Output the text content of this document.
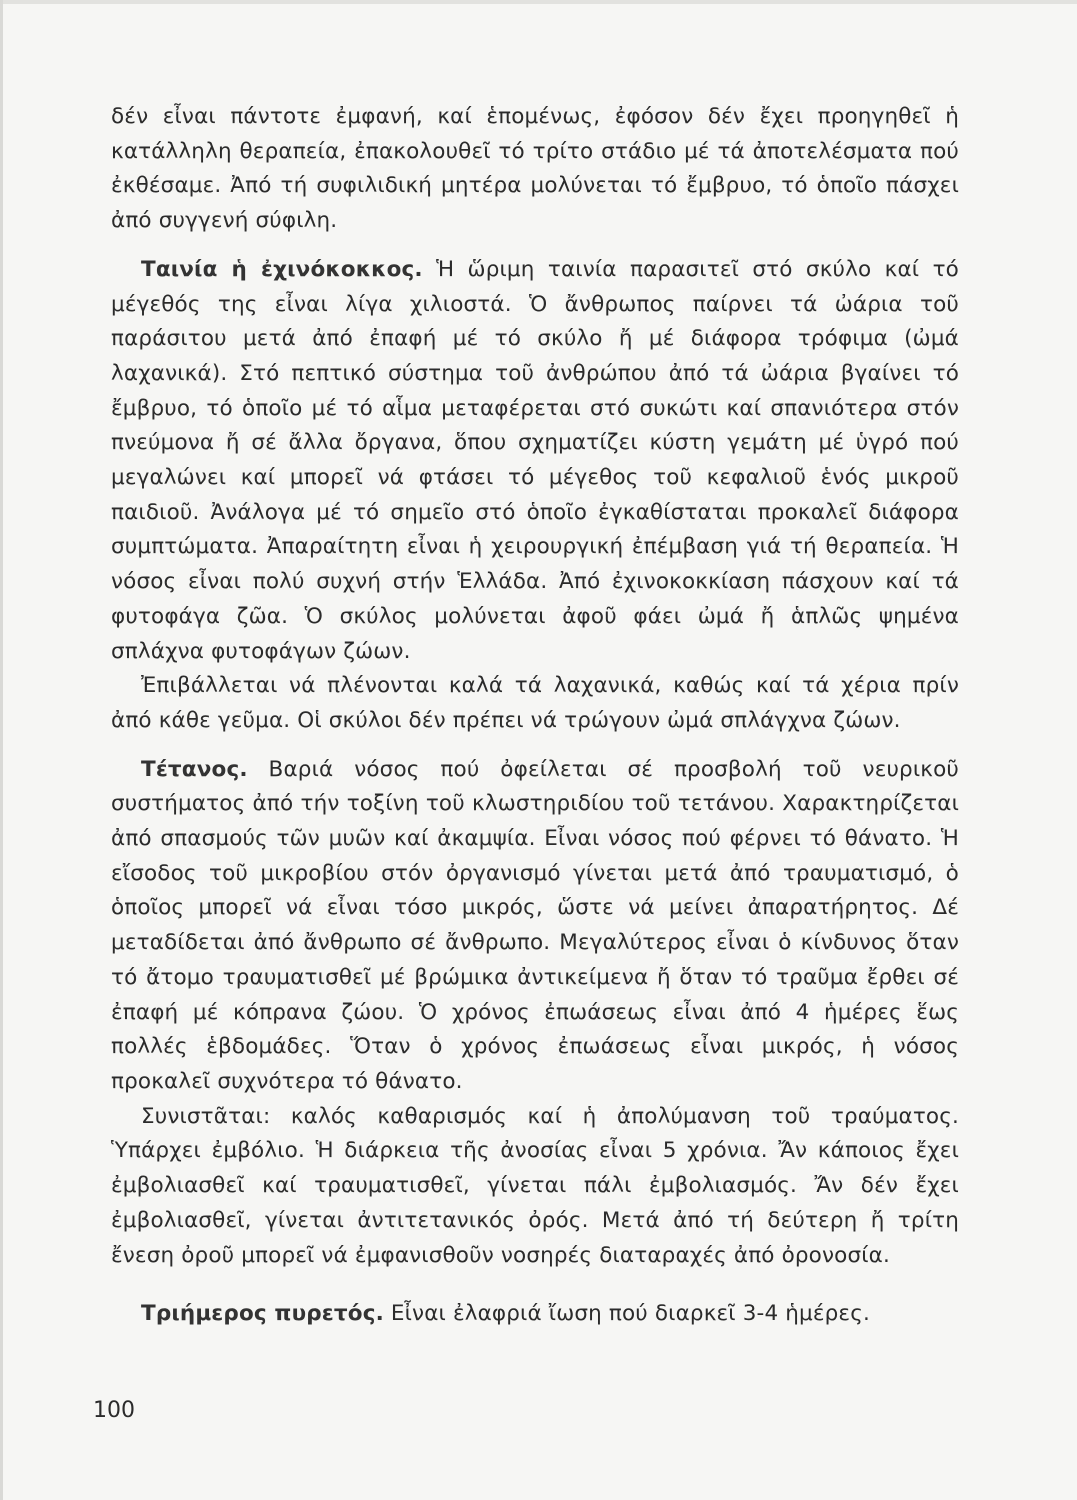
δέν εἶναι πάντοτε ἐμφανή, καί ἑπομένως, ἐφόσον δέν ἔχει προηγηθεῖ ἡ κατάλληλη θεραπεία, ἐπακολουθεῖ τό τρίτο στάδιο μέ τά ἀποτελέσματα πού ἐκθέσαμε. Ἀπό τή συφιλιδική μητέρα μολύνεται τό ἔμβρυο, τό ὁποῖο πάσχει ἀπό συγγενή σύφιλη.

Ταινία ἡ ἐχινόκοκκος. Ἡ ὥριμη ταινία παρασιτεῖ στό σκύλο καί τό μέγεθός της εἶναι λίγα χιλιοστά. Ὁ ἄνθρωπος παίρνει τά ὠάρια τοῦ παράσιτου μετά ἀπό ἐπαφή μέ τό σκύλο ἤ μέ διάφορα τρόφιμα (ὠμά λαχανικά). Στό πεπτικό σύστημα τοῦ ἀνθρώπου ἀπό τά ὠάρια βγαίνει τό ἔμβρυο, τό ὁποῖο μέ τό αἷμα μεταφέρεται στό συκώτι καί σπανιότερα στόν πνεύμονα ἤ σέ ἄλλα ὄργανα, ὅπου σχηματίζει κύστη γεμάτη μέ ὑγρό πού μεγαλώνει καί μπορεῖ νά φτάσει τό μέγεθος τοῦ κεφαλιοῦ ἑνός μικροῦ παιδιοῦ. Ἀνάλογα μέ τό σημεῖο στό ὁποῖο ἐγκαθίσταται προκαλεῖ διάφορα συμπτώματα. Ἀπαραίτητη εἶναι ἡ χειρουργική ἐπέμβαση γιά τή θεραπεία. Ἡ νόσος εἶναι πολύ συχνή στήν Ἑλλάδα. Ἀπό ἐχινοκοκκίαση πάσχουν καί τά φυτοφάγα ζῶα. Ὁ σκύλος μολύνεται ἀφοῦ φάει ὠμά ἤ ἁπλῶς ψημένα σπλάχνα φυτοφάγων ζώων.

Ἐπιβάλλεται νά πλένονται καλά τά λαχανικά, καθώς καί τά χέρια πρίν ἀπό κάθε γεῦμα. Οἱ σκύλοι δέν πρέπει νά τρώγουν ὠμά σπλάγχνα ζώων.

Τέτανος. Βαριά νόσος πού ὀφείλεται σέ προσβολή τοῦ νευρικοῦ συστήματος ἀπό τήν τοξίνη τοῦ κλωστηριδίου τοῦ τετάνου. Χαρακτηρίζεται ἀπό σπασμούς τῶν μυῶν καί ἀκαμψία. Εἶναι νόσος πού φέρνει τό θάνατο. Ἡ εἴσοδος τοῦ μικροβίου στόν ὀργανισμό γίνεται μετά ἀπό τραυματισμό, ὁ ὁποῖος μπορεῖ νά εἶναι τόσο μικρός, ὥστε νά μείνει ἀπαρατήρητος. Δέ μεταδίδεται ἀπό ἄνθρωπο σέ ἄνθρωπο. Μεγαλύτερος εἶναι ὁ κίνδυνος ὅταν τό ἄτομο τραυματισθεῖ μέ βρώμικα ἀντικείμενα ἤ ὅταν τό τραῦμα ἔρθει σέ ἐπαφή μέ κόπρανα ζώου. Ὁ χρόνος ἐπωάσεως εἶναι ἀπό 4 ἡμέρες ἕως πολλές ἑβδομάδες. Ὅταν ὁ χρόνος ἐπωάσεως εἶναι μικρός, ἡ νόσος προκαλεῖ συχνότερα τό θάνατο.

Συνιστᾶται: καλός καθαρισμός καί ἡ ἀπολύμανση τοῦ τραύματος. Ὑπάρχει ἐμβόλιο. Ἡ διάρκεια τῆς ἀνοσίας εἶναι 5 χρόνια. Ἄν κάποιος ἔχει ἐμβολιασθεῖ καί τραυματισθεῖ, γίνεται πάλι ἐμβολιασμός. Ἄν δέν ἔχει ἐμβολιασθεῖ, γίνεται ἀντιτετανικός ὀρός. Μετά ἀπό τή δεύτερη ἤ τρίτη ἔνεση ὀροῦ μπορεῖ νά ἐμφανισθοῦν νοσηρές διαταραχές ἀπό ὀρονοσία.

Τριήμερος πυρετός. Εἶναι ἐλαφριά ἴωση πού διαρκεῖ 3-4 ἡμέρες.

100
